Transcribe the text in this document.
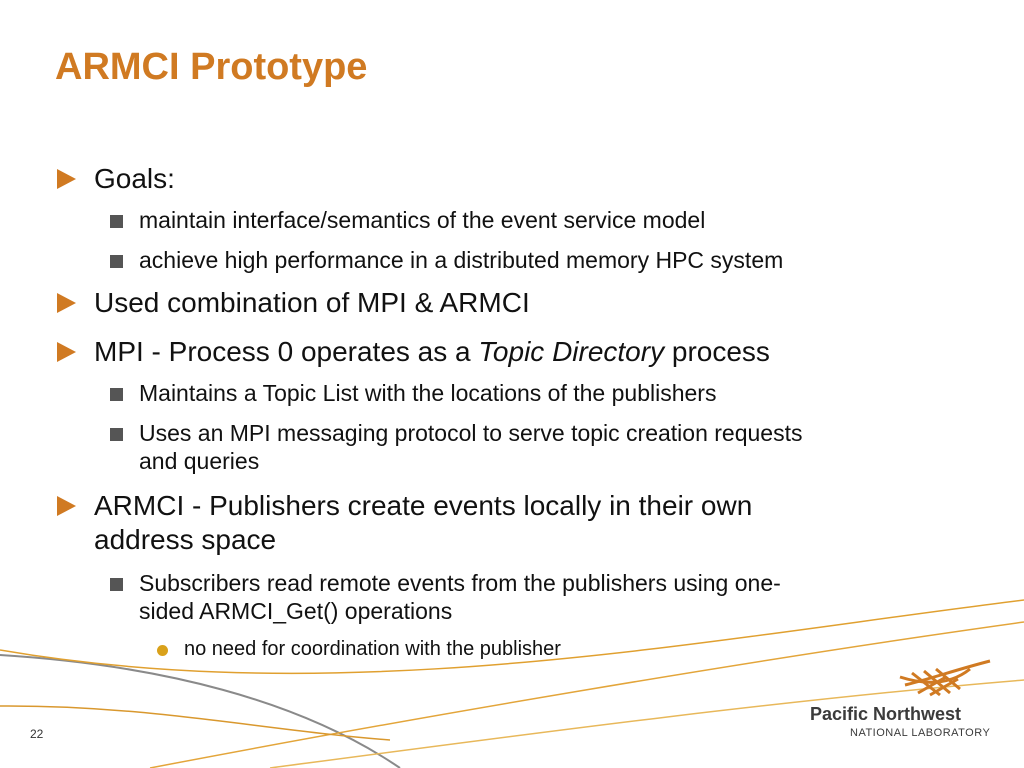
ARMCI Prototype
Goals:
maintain interface/semantics of the event service model
achieve high performance in a distributed memory HPC system
Used combination of MPI & ARMCI
MPI - Process 0 operates as a Topic Directory process
Maintains a Topic List with the locations of the publishers
Uses an MPI messaging protocol to serve topic creation requests
and queries
ARMCI - Publishers create events locally in their own
address space
Subscribers read remote events from the publishers using one-
sided ARMCI_Get() operations
no need for coordination with the publisher
22
Pacific Northwest
NATIONAL LABORATORY
